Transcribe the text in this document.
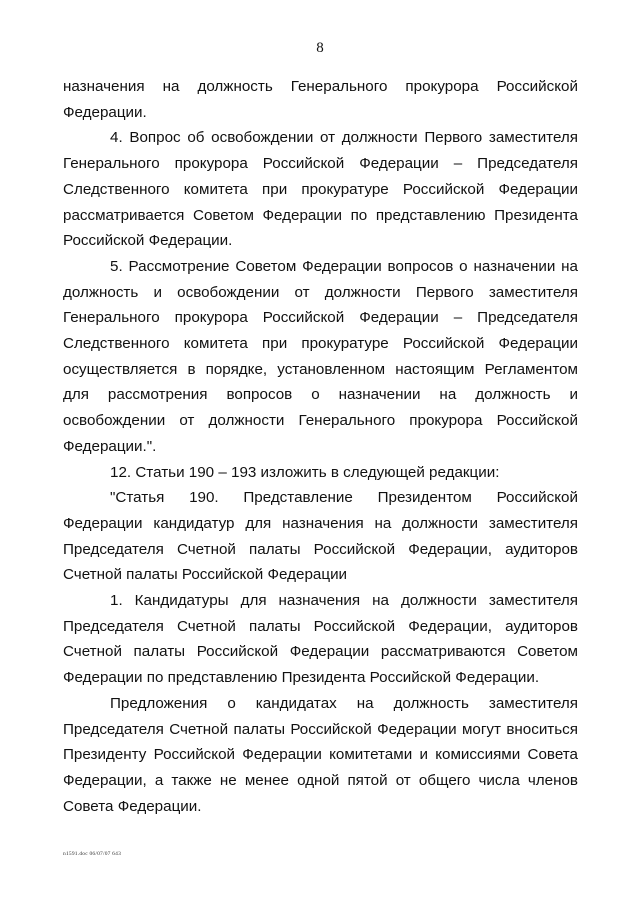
8

назначения на должность Генерального прокурора Российской Федерации.

4. Вопрос об освобождении от должности Первого заместителя Генерального прокурора Российской Федерации – Председателя Следственного комитета при прокуратуре Российской Федерации рассматривается Советом Федерации по представлению Президента Российской Федерации.

5. Рассмотрение Советом Федерации вопросов о назначении на должность и освобождении от должности Первого заместителя Генерального прокурора Российской Федерации – Председателя Следственного комитета при прокуратуре Российской Федерации осуществляется в порядке, установленном настоящим Регламентом для рассмотрения вопросов о назначении на должность и освобождении от должности Генерального прокурора Российской Федерации.".

12. Статьи 190 – 193 изложить в следующей редакции:

"Статья 190. Представление Президентом Российской Федерации кандидатур для назначения на должности заместителя Председателя Счетной палаты Российской Федерации, аудиторов Счетной палаты Российской Федерации

1. Кандидатуры для назначения на должности заместителя Председателя Счетной палаты Российской Федерации, аудиторов Счетной палаты Российской Федерации рассматриваются Советом Федерации по представлению Президента Российской Федерации.

Предложения о кандидатах на должность заместителя Председателя Счетной палаты Российской Федерации могут вноситься Президенту Российской Федерации комитетами и комиссиями Совета Федерации, а также не менее одной пятой от общего числа членов Совета Федерации.

n1591.doc 06/07/07 643
